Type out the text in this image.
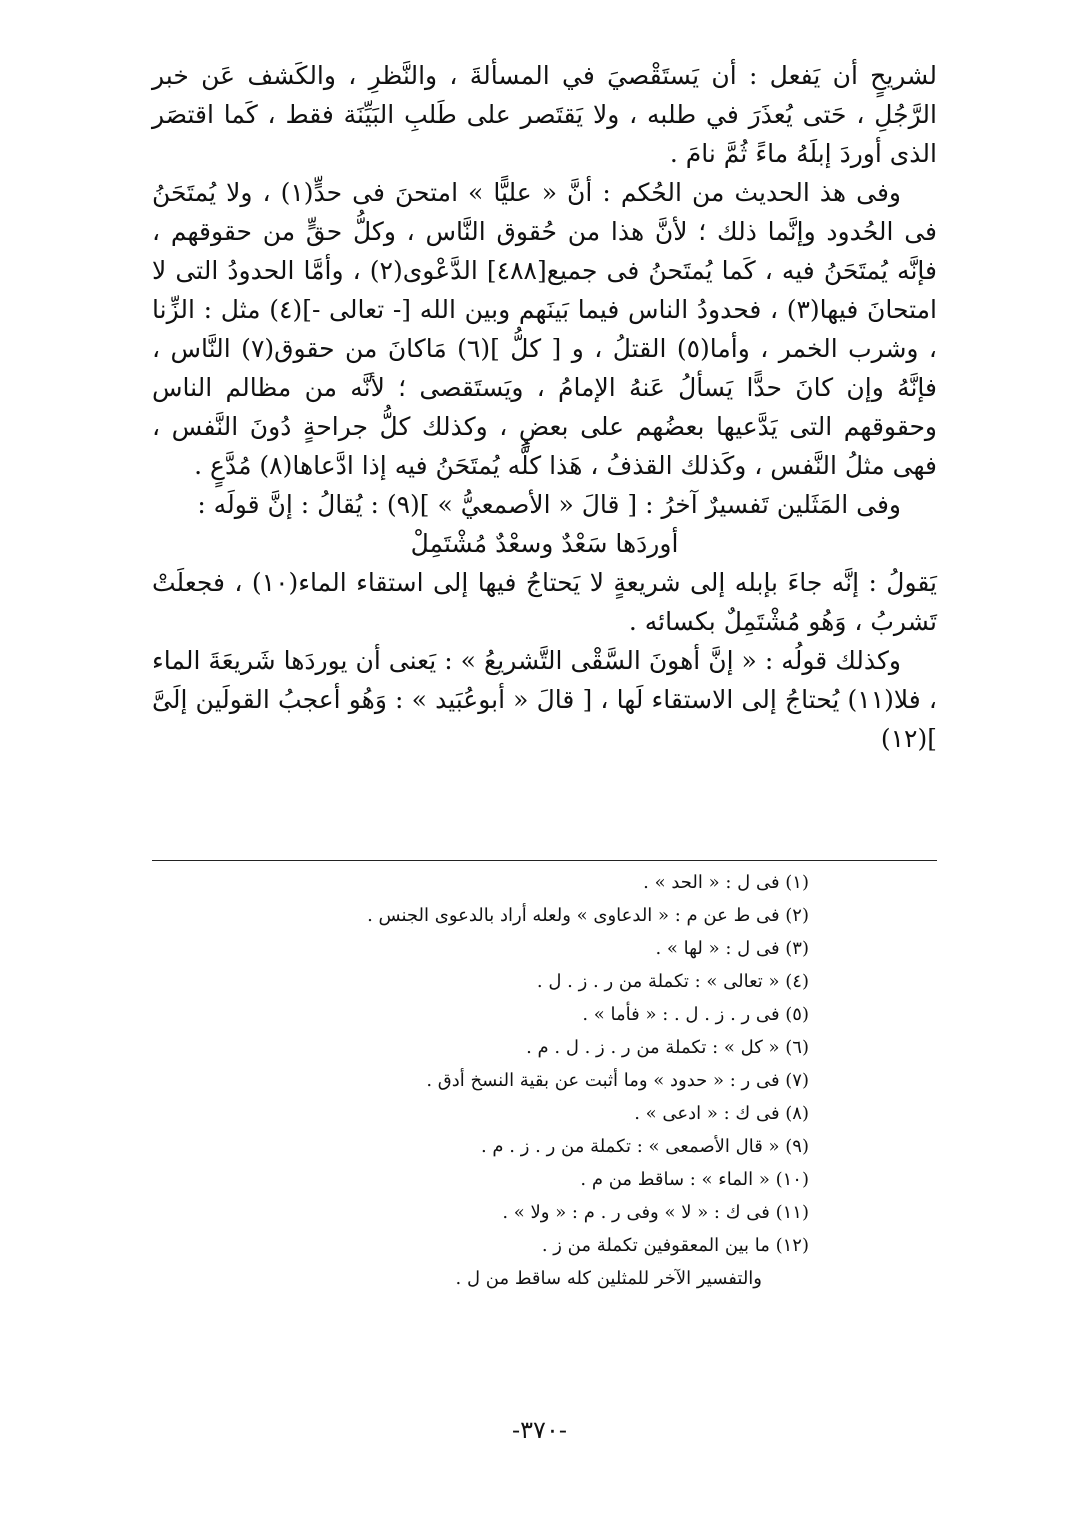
لشريحٍ أن يَفعل : أن يَستَقْصيَ في المسألةَ ، والنَّظرِ ، والكَشف عَن خبر الرَّجُلِ ، حَتى يُعذَرَ في طلبه ، ولا يَقتَصر على طَلبِ البَيِّنَة فقط ، كَما اقتصَر الذى أوردَ إبلَهُ ماءً ثُمَّ نامَ .

وفى هذ الحديث من الحُكم : أنَّ « عليًّا » امتحنَ فى حدٍّ(١) ، ولا يُمتَحَنُ فى الحُدود وإنَّما ذلك ؛ لأنَّ هذا من حُقوق النَّاس ، وكلُّ حقٍّ من حقوقهم ، فإنَّه يُمتَحَنُ فيه ، كَما يُمتَحنُ فى جميع[٤٨٨] الدَّعْوى(٢) ، وأمَّا الحدودُ التى لا امتحانَ فيها(٣) ، فحدودُ الناس فيما بَينَهم وبين الله [- تعالى -](٤) مثل : الزِّنا ، وشرب الخمر ، وأما(٥) القتلُ ، و [ كلُّ ](٦) مَاكانَ من حقوق(٧) النَّاس ، فإنَّهُ وإن كانَ حدًّا يَسألُ عَنهُ الإمامُ ، ويَستَقصى ؛ لأنَّه من مظالم الناس وحقوقهم التى يَدَّعيها بعضُهم على بعضٍ ، وكذلك كلُّ جراحةٍ دُونَ النَّفس ، فهى مثلُ النَّفس ، وكَذلك القذفُ ، هَذا كلُّه يُمتَحَنُ فيه إذا ادَّعاها(٨) مُدَّعٍ .

وفى المَثَلين تَفسيرٌ آخرُ : [ قالَ « الأصمعيُّ » ](٩) : يُقالُ : إنَّ قولَه :

أوردَها سَعْدٌ وسعْدٌ مُشْتَمِلْ

يَقولُ : إنَّه جاءَ بإبله إلى شريعةٍ لا يَحتاجُ فيها إلى استقاء الماء(١٠) ، فجعلَتْ تَشربُ ، وَهُو مُشْتَمِلٌ بكسائه .

وكذلك قولُه : « إنَّ أهونَ السَّقْى التَّشريعُ » : يَعنى أن يوردَها شَريعَةَ الماء ، فلا(١١) يُحتاجُ إلى الاستقاء لَها ، [ قالَ « أبوعُبَيد » : وَهُو أعجبُ القولَين إلَىَّ ](١٢)

(١) فى ل : « الحد » .
(٢) فى ط عن م : « الدعاوى » ولعله أراد بالدعوى الجنس .
(٣) فى ل : « لها » .
(٤) « تعالى » : تكملة من ر . ز . ل .
(٥) فى ر . ز . ل . : « فأما » .
(٦) « كل » : تكملة من ر . ز . ل . م .
(٧) فى ر : « حدود » وما أثبت عن بقية النسخ أدق .
(٨) فى ك : « ادعى » .
(٩) « قال الأصمعى » : تكملة من ر . ز . م .
(١٠) « الماء » : ساقط من م .
(١١) فى ك : « لا » وفى ر . م : « ولا » .
(١٢) ما بين المعقوفين تكملة من ز .
والتفسير الآخر للمثلين كله ساقط من ل .
-٣٧٠-
